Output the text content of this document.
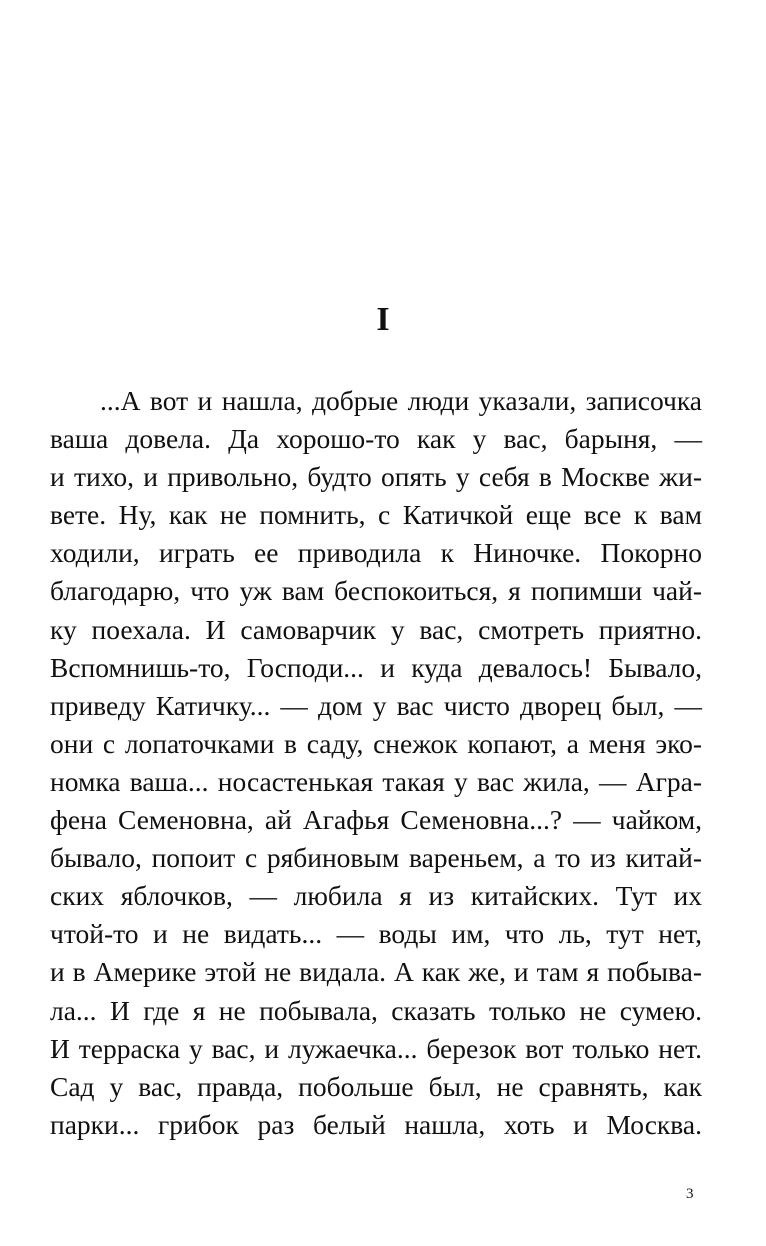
I
...А вот и нашла, добрые люди указали, записочка
ваша довела. Да хорошо-то как у вас, барыня, —
и тихо, и привольно, будто опять у себя в Москве жи-
вете. Ну, как не помнить, с Катичкой еще все к вам
ходили, играть ее приводила к Ниночке. Покорно
благодарю, что уж вам беспокоиться, я попимши чай-
ку поехала. И самоварчик у вас, смотреть приятно.
Вспомнишь-то, Господи... и куда девалось! Бывало,
приведу Катичку... — дом у вас чисто дворец был, —
они с лопаточками в саду, снежок копают, а меня эко-
номка ваша... носастенькая такая у вас жила, — Агра-
фена Семеновна, ай Агафья Семеновна...? — чайком,
бывало, попоит с рябиновым вареньем, а то из китай-
ских яблочков, — любила я из китайских. Тут их
чтой-то и не видать... — воды им, что ль, тут нет,
и в Америке этой не видала. А как же, и там я побыва-
ла... И где я не побывала, сказать только не сумею.
И терраска у вас, и лужаечка... березок вот только нет.
Сад у вас, правда, побольше был, не сравнять, как
парки... грибок раз белый нашла, хоть и Москва.
3
